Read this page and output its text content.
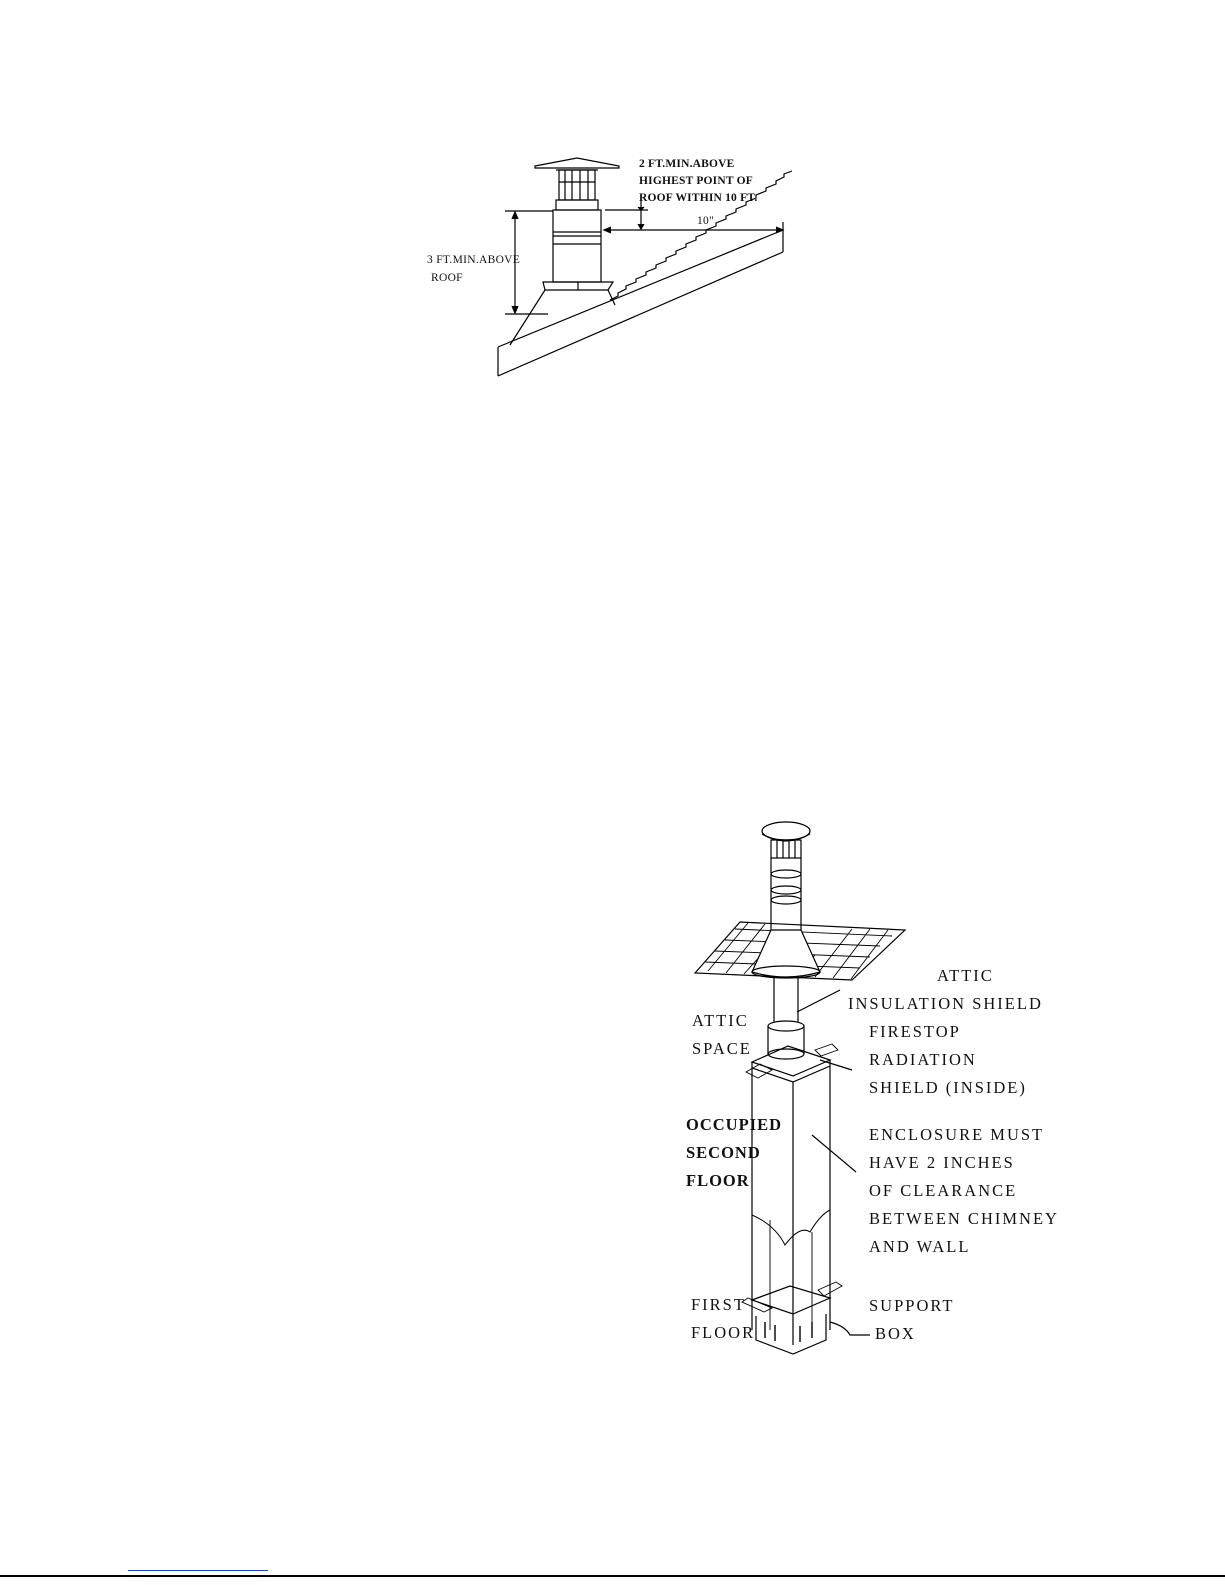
2 FT.MIN.ABOVE
HIGHEST POINT OF
ROOF WITHIN 10 FT.
10"
3 FT.MIN.ABOVE
ROOF
ATTIC
INSULATION SHIELD
ATTIC
SPACE
FIRESTOP
RADIATION
SHIELD (INSIDE)
OCCUPIED
SECOND
FLOOR
ENCLOSURE MUST
HAVE 2 INCHES
OF CLEARANCE
BETWEEN CHIMNEY
AND WALL
FIRST
FLOOR
SUPPORT
BOX
